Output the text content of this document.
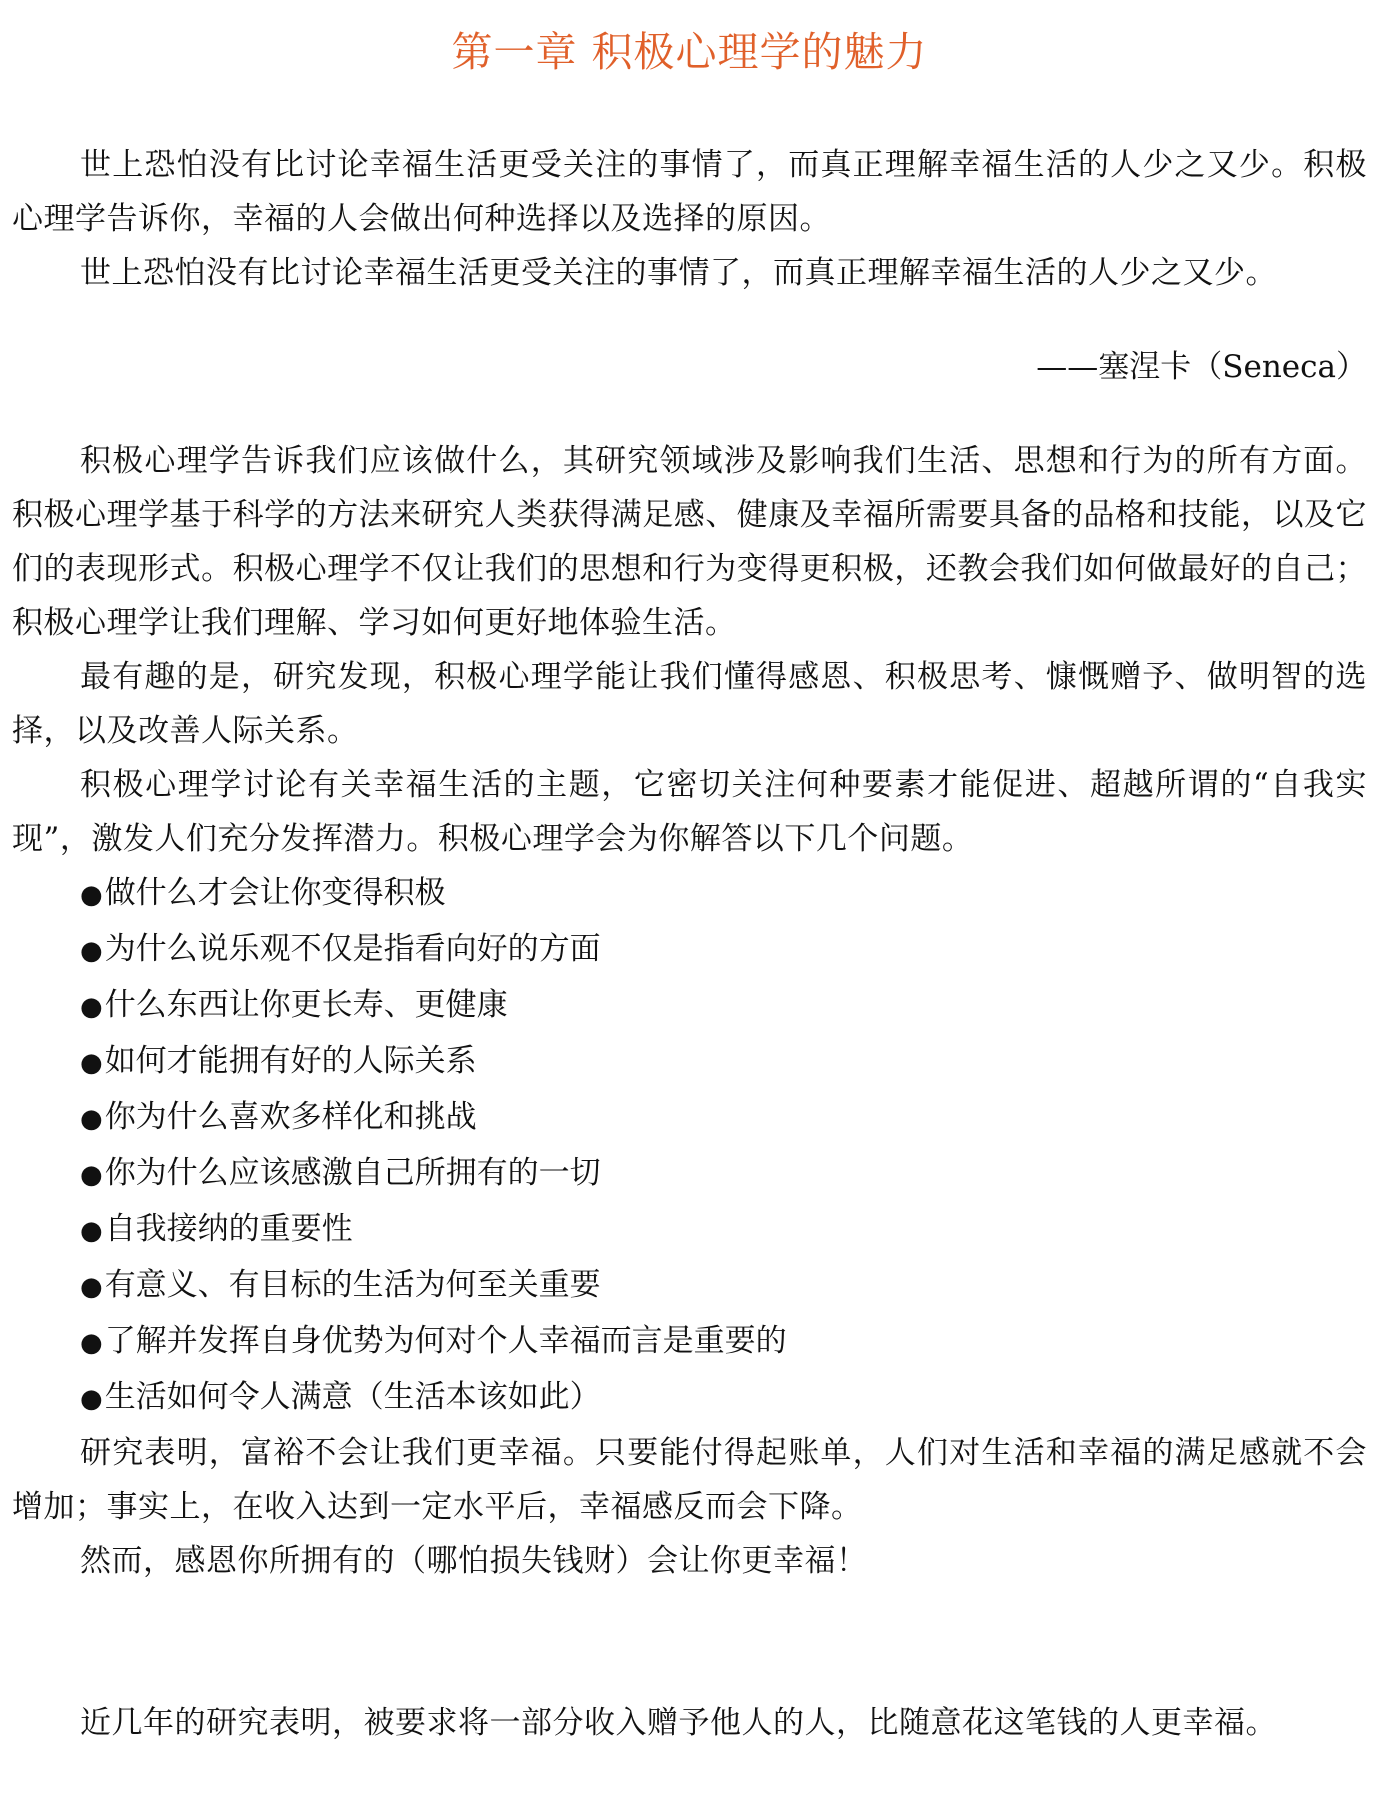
第一章 积极心理学的魅力

世上恐怕没有比讨论幸福生活更受关注的事情了，而真正理解幸福生活的人少之又少。积极心理学告诉你，幸福的人会做出何种选择以及选择的原因。

世上恐怕没有比讨论幸福生活更受关注的事情了，而真正理解幸福生活的人少之又少。

——塞涅卡（Seneca）

积极心理学告诉我们应该做什么，其研究领域涉及影响我们生活、思想和行为的所有方面。积极心理学基于科学的方法来研究人类获得满足感、健康及幸福所需要具备的品格和技能，以及它们的表现形式。积极心理学不仅让我们的思想和行为变得更积极，还教会我们如何做最好的自己；积极心理学让我们理解、学习如何更好地体验生活。

最有趣的是，研究发现，积极心理学能让我们懂得感恩、积极思考、慷慨赠予、做明智的选择，以及改善人际关系。

积极心理学讨论有关幸福生活的主题，它密切关注何种要素才能促进、超越所谓的“自我实现”，激发人们充分发挥潜力。积极心理学会为你解答以下几个问题。

●做什么才会让你变得积极
●为什么说乐观不仅是指看向好的方面
●什么东西让你更长寿、更健康
●如何才能拥有好的人际关系
●你为什么喜欢多样化和挑战
●你为什么应该感激自己所拥有的一切
●自我接纳的重要性
●有意义、有目标的生活为何至关重要
●了解并发挥自身优势为何对个人幸福而言是重要的
●生活如何令人满意（生活本该如此）

研究表明，富裕不会让我们更幸福。只要能付得起账单，人们对生活和幸福的满足感就不会增加；事实上，在收入达到一定水平后，幸福感反而会下降。

然而，感恩你所拥有的（哪怕损失钱财）会让你更幸福！

近几年的研究表明，被要求将一部分收入赠予他人的人，比随意花这笔钱的人更幸福。
